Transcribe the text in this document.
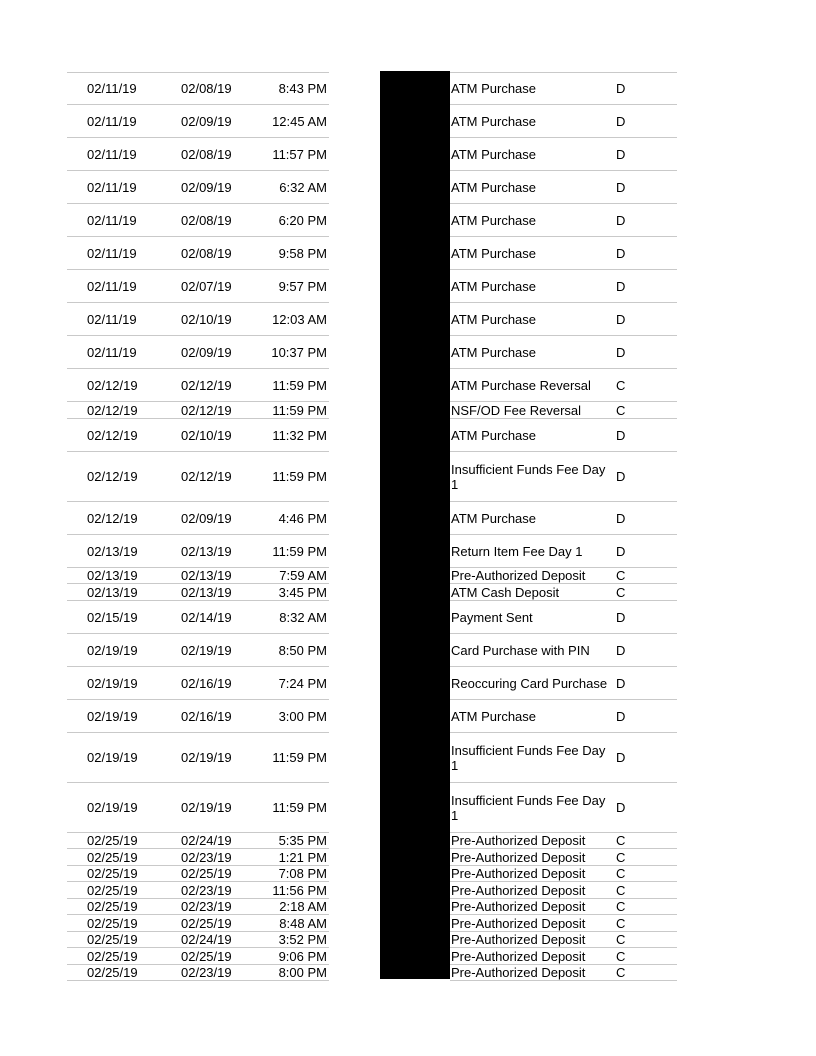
02/11/19	02/08/19	8:43 PM	ATM Purchase	D
02/11/19	02/09/19	12:45 AM	ATM Purchase	D
02/11/19	02/08/19	11:57 PM	ATM Purchase	D
02/11/19	02/09/19	6:32 AM	ATM Purchase	D
02/11/19	02/08/19	6:20 PM	ATM Purchase	D
02/11/19	02/08/19	9:58 PM	ATM Purchase	D
02/11/19	02/07/19	9:57 PM	ATM Purchase	D
02/11/19	02/10/19	12:03 AM	ATM Purchase	D
02/11/19	02/09/19	10:37 PM	ATM Purchase	D
02/12/19	02/12/19	11:59 PM	ATM Purchase Reversal	C
02/12/19	02/12/19	11:59 PM	NSF/OD Fee Reversal	C
02/12/19	02/10/19	11:32 PM	ATM Purchase	D
02/12/19	02/12/19	11:59 PM	Insufficient Funds Fee Day 1	D
02/12/19	02/09/19	4:46 PM	ATM Purchase	D
02/13/19	02/13/19	11:59 PM	Return Item Fee Day 1	D
02/13/19	02/13/19	7:59 AM	Pre-Authorized Deposit	C
02/13/19	02/13/19	3:45 PM	ATM Cash Deposit	C
02/15/19	02/14/19	8:32 AM	Payment Sent	D
02/19/19	02/19/19	8:50 PM	Card Purchase with PIN	D
02/19/19	02/16/19	7:24 PM	Reoccuring Card Purchase D
02/19/19	02/16/19	3:00 PM	ATM Purchase	D
02/19/19	02/19/19	11:59 PM	Insufficient Funds Fee Day 1	D
02/19/19	02/19/19	11:59 PM	Insufficient Funds Fee Day 1	D
02/25/19	02/24/19	5:35 PM	Pre-Authorized Deposit	C
02/25/19	02/23/19	1:21 PM	Pre-Authorized Deposit	C
02/25/19	02/25/19	7:08 PM	Pre-Authorized Deposit	C
02/25/19	02/23/19	11:56 PM	Pre-Authorized Deposit	C
02/25/19	02/23/19	2:18 AM	Pre-Authorized Deposit	C
02/25/19	02/25/19	8:48 AM	Pre-Authorized Deposit	C
02/25/19	02/24/19	3:52 PM	Pre-Authorized Deposit	C
02/25/19	02/25/19	9:06 PM	Pre-Authorized Deposit	C
02/25/19	02/23/19	8:00 PM	Pre-Authorized Deposit	C
